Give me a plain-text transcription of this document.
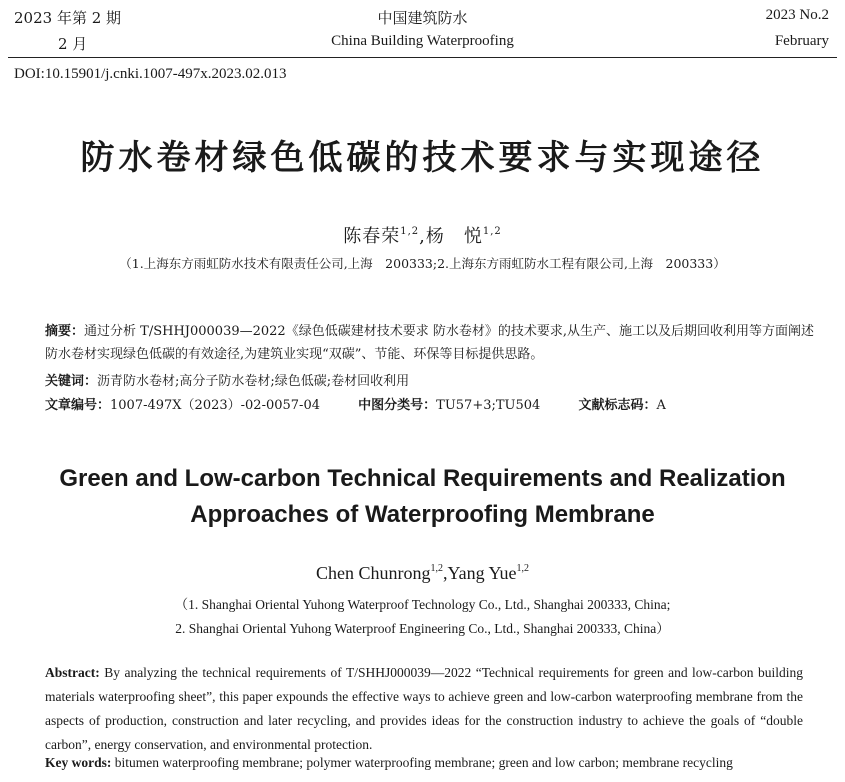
2023 年第 2 期
2 月
中国建筑防水
China Building Waterproofing
2023 No.2
February
DOI:10.15901/j.cnki.1007-497x.2023.02.013
防水卷材绿色低碳的技术要求与实现途径
陈春荣$^{1,2}$,杨　悦$^{1,2}$
（1.上海东方雨虹防水技术有限责任公司,上海　200333;2.上海东方雨虹防水工程有限公司,上海　200333）
摘要：通过分析 T/SHHJ000039—2022《绿色低碳建材技术要求 防水卷材》的技术要求,从生产、施工以及后期回收利用等方面阐述防水卷材实现绿色低碳的有效途径,为建筑业实现“双碳”、节能、环保等目标提供思路。
关键词：沥青防水卷材;高分子防水卷材;绿色低碳;卷材回收利用
文章编号：1007-497X（2023）-02-0057-04	中图分类号：TU57+3;TU504	文献标志码：A
Green and Low-carbon Technical Requirements and Realization
Approaches of Waterproofing Membrane
Chen Chunrong$^{1,2}$,Yang Yue$^{1,2}$
（1. Shanghai Oriental Yuhong Waterproof Technology Co., Ltd., Shanghai 200333, China;
2. Shanghai Oriental Yuhong Waterproof Engineering Co., Ltd., Shanghai 200333, China）
Abstract: By analyzing the technical requirements of T/SHHJ000039—2022 “Technical requirements for green and low-carbon building materials waterproofing sheet”, this paper expounds the effective ways to achieve green and low-carbon waterproofing membrane from the aspects of production, construction and later recycling, and provides ideas for the construction industry to achieve the goals of “double carbon”, energy conservation, and environmental protection.
Key words: bitumen waterproofing membrane; polymer waterproofing membrane; green and low carbon; membrane recycling
